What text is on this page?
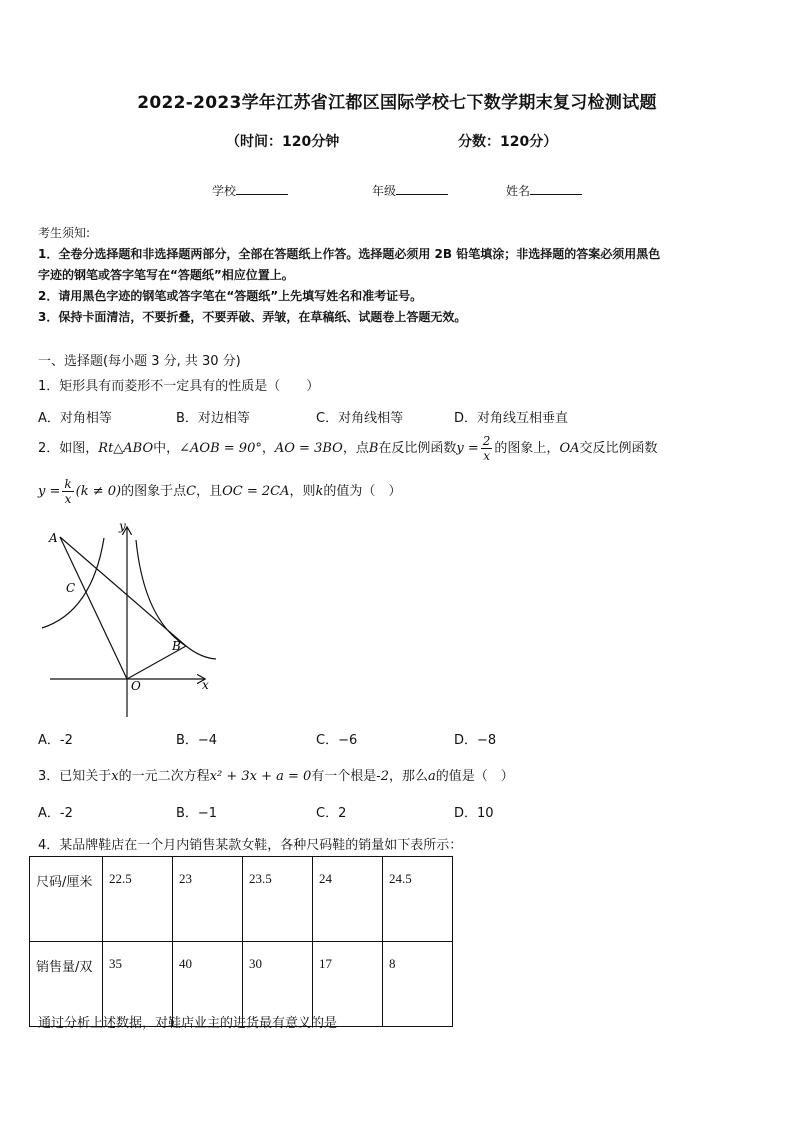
2022-2023学年江苏省江都区国际学校七下数学期末复习检测试题
（时间：120分钟	分数：120分）
学校	年级	姓名
考生须知:
1．全卷分选择题和非选择题两部分，全部在答题纸上作答。选择题必须用 2B 铅笔填涂；非选择题的答案必须用黑色
字迹的钢笔或答字笔写在“答题纸”相应位置上。
2．请用黑色字迹的钢笔或答字笔在“答题纸”上先填写姓名和准考证号。
3．保持卡面清洁，不要折叠，不要弄破、弄皱，在草稿纸、试题卷上答题无效。
一、选择题(每小题 3 分, 共 30 分)
1．矩形具有而菱形不一定具有的性质是（　　）
A．对角相等	B．对边相等	C．对角线相等	D．对角线互相垂直
2．如图，Rt△ABO中，∠AOB = 90°，AO = 3BO，点B在反比例函数$y = \frac{2}{x}$ 的图象上，OA交反比例函数
$y = \frac{k}{x} (k \ne 0)$的图象于点C，且OC = 2CA，则k的值为（　）
A
C
B
O	x
y
A．-2	B．−4	C．−6	D．−8
3．已知关于x的一元二次方程x² + 3x + a = 0有一个根是-2，那么a的值是（　）
A．-2	B．−1	C．2	D．10
4．某品牌鞋店在一个月内销售某款女鞋，各种尺码鞋的销量如下表所示：
尺码/厘米	22.5	23	23.5	24	24.5
销售量/双	35	40	30	17	8
通过分析上述数据，对鞋店业主的进货最有意义的是
